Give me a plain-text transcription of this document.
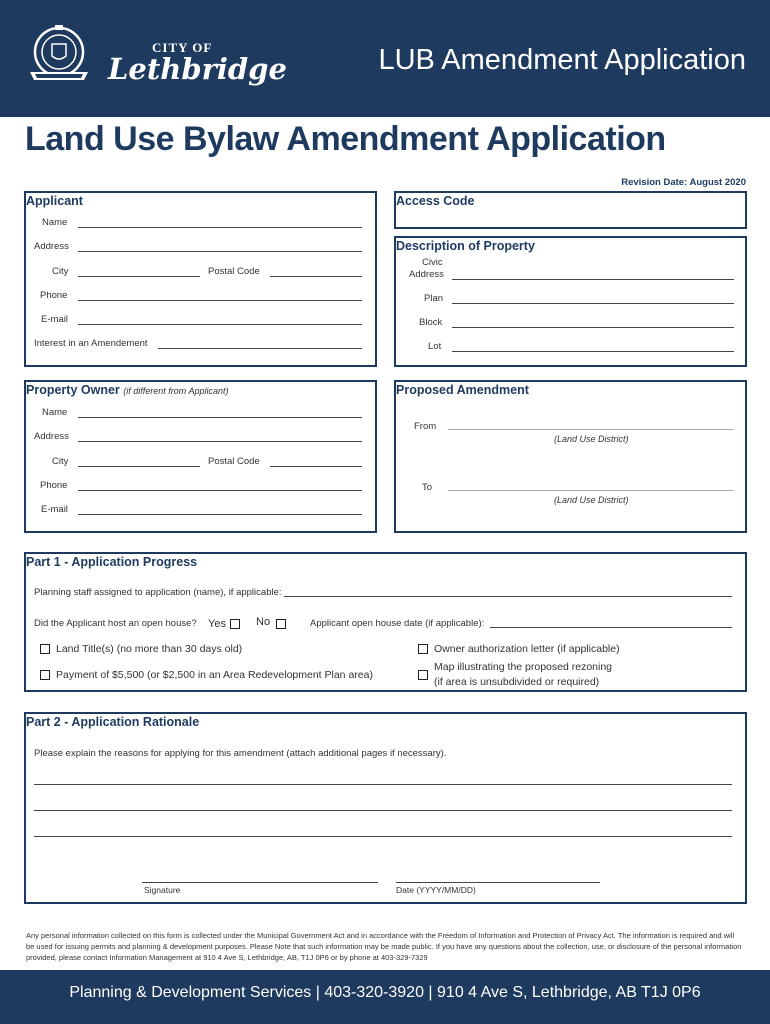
CITY OF
Lethbridge	LUB Amendment Application
Land Use Bylaw Amendment Application
Revision Date: August 2020
Applicant
Name
Address
City	Postal Code
Phone
E-mail
Interest in an Amendement
Access Code
Description of Property
Civic
Address
Plan
Block
Lot
Property Owner (if different from Applicant)
Name
Address
City	Postal Code
Phone
E-mail
Proposed Amendment
From
(Land Use District)
To
(Land Use District)
Part 1 - Application Progress
Planning staff assigned to application (name), if applicable:
Did the Applicant host an open house? Yes	No	Applicant open house date (if applicable):
Land Title(s) (no more than 30 days old)
Payment of $5,500 (or $2,500 in an Area Redevelopment Plan area)
Owner authorization letter (if applicable)
Map illustrating the proposed rezoning
(if area is unsubdivided or required)
Part 2 - Application Rationale
Please explain the reasons for applying for this amendment (attach additional pages if necessary).
Signature	Date (YYYY/MM/DD)
Any personal information collected on this form is collected under the Municipal Government Act and in accordance with the Freedom of Information and Protection of Privacy Act. The information is required and will be used for issuing permits and planning & development purposes. Please Note that such information may be made public. If you have any questions about the collection, use, or disclosure of the personal information provided, please contact Information Management at 910 4 Ave S, Lethbridge, AB, T1J 0P6 or by phone at 403-329-7329
Planning & Development Services | 403-320-3920 | 910 4 Ave S, Lethbridge, AB T1J 0P6
